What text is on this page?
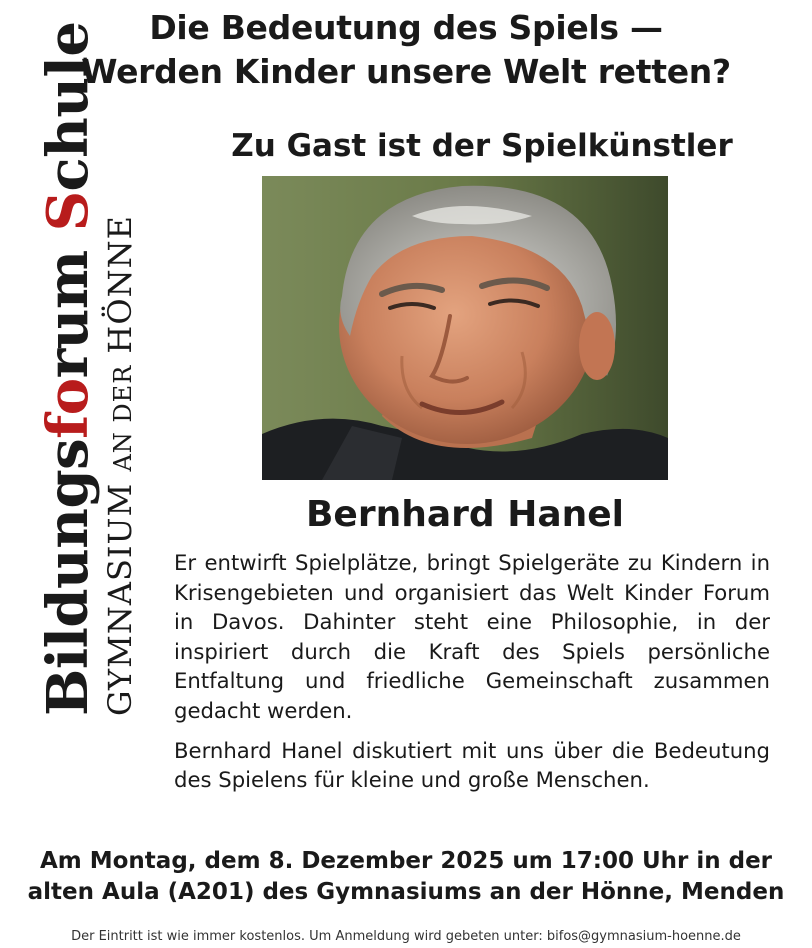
Die Bedeutung des Spiels —
Werden Kinder unsere Welt retten?
Zu Gast ist der Spielkünstler
Bildungsforum Schule
GYMNASIUM AN DER HÖNNE
Bernhard Hanel

Er entwirft Spielplätze, bringt Spielgeräte zu Kindern in Krisengebieten und organisiert das Welt Kinder Forum in Davos. Dahinter steht eine Philosophie, in der inspiriert durch die Kraft des Spiels persönliche Entfaltung und friedliche Gemeinschaft zusammen gedacht werden.

Bernhard Hanel diskutiert mit uns über die Bedeutung des Spielens für kleine und große Menschen.

Am Montag, dem 8. Dezember 2025 um 17:00 Uhr in der
alten Aula (A201) des Gymnasiums an der Hönne, Menden
Der Eintritt ist wie immer kostenlos. Um Anmeldung wird gebeten unter: bifos@gymnasium-hoenne.de
